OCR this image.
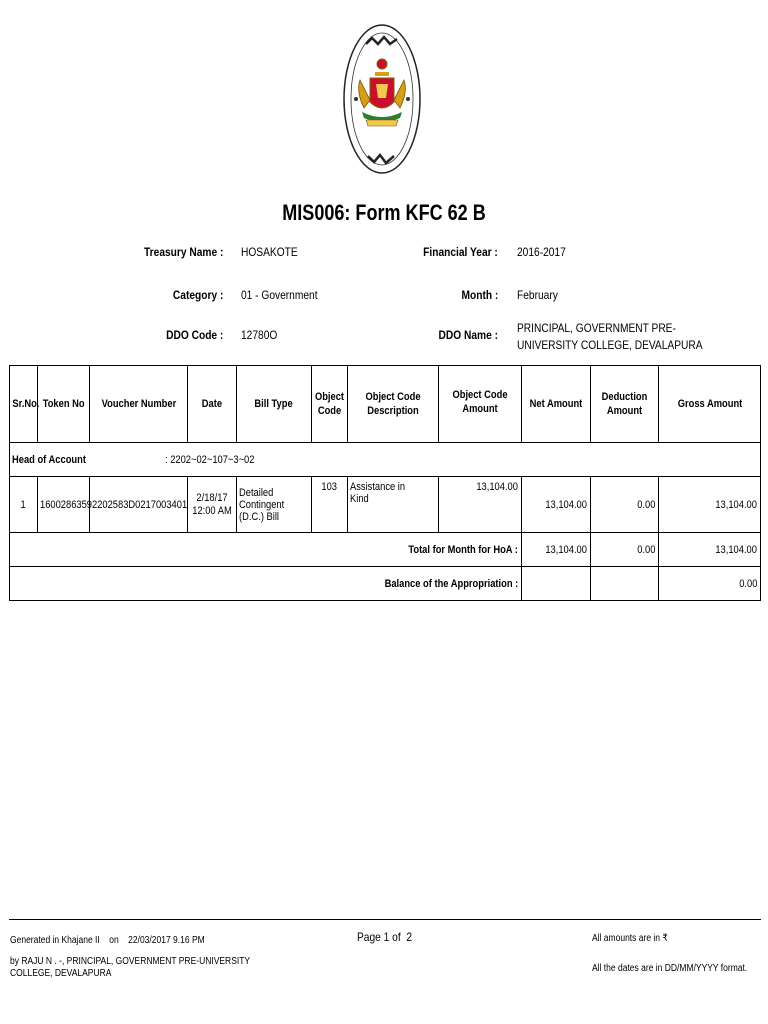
MIS006: Form KFC 62 B
Treasury Name : HOSAKOTE	Financial Year : 2016-2017
Category : 01 - Government	Month : February
DDO Code : 12780O	DDO Name : PRINCIPAL, GOVERNMENT PRE-UNIVERSITY COLLEGE, DEVALAPURA
Sr.No.	Token No	Voucher Number	Date	Bill Type	Object Code	Object Code Description	Object Code Amount	Net Amount	Deduction Amount	Gross Amount
Head of Account : 2202~02~107~3~02										
1	1600286359	2202583D0217003401	2/18/17 12:00 AM	Detailed Contingent (D.C.) Bill	103	Assistance in Kind	13,104.00	13,104.00	0.00	13,104.00
Total for Month for HoA :								13,104.00	0.00	13,104.00
Balance of the Appropriation :										0.00
Generated in Khajane II    on    22/03/2017 9.16 PM
by RAJU N . -, PRINCIPAL, GOVERNMENT PRE-UNIVERSITY COLLEGE, DEVALAPURA
Page 1 of  2	All amounts are in ₹
All the dates are in DD/MM/YYYY format.
